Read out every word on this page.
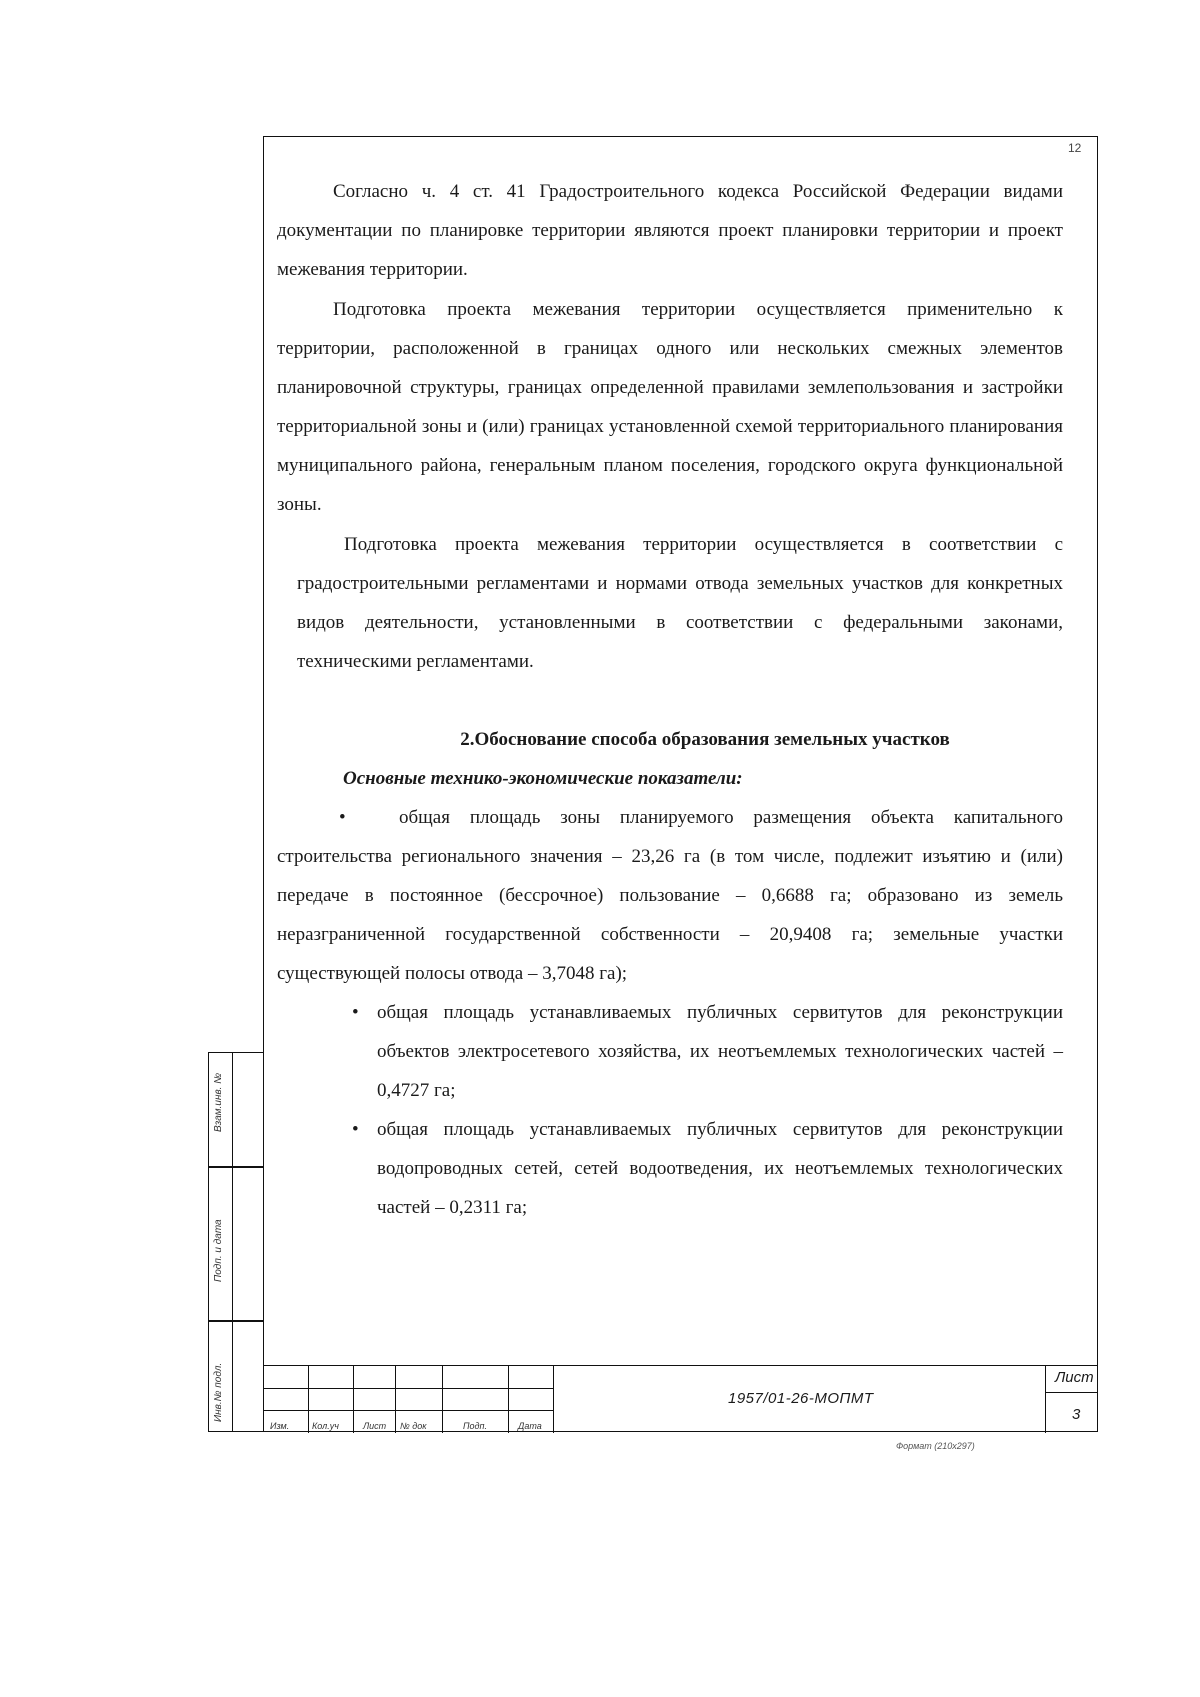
12

Согласно ч. 4 ст. 41 Градостроительного кодекса Российской Федерации видами документации по планировке территории являются проект планировки территории и проект межевания территории.

Подготовка проекта межевания территории осуществляется применительно к территории, расположенной в границах одного или нескольких смежных элементов планировочной структуры, границах определенной правилами землепользования и застройки территориальной зоны и (или) границах установленной схемой территориального планирования муниципального района, генеральным планом поселения, городского округа функциональной зоны.

Подготовка проекта межевания территории осуществляется в соответствии с градостроительными регламентами и нормами отвода земельных участков для конкретных видов деятельности, установленными в соответствии с федеральными законами, техническими регламентами.

2.Обоснование способа образования земельных участков

Основные технико-экономические показатели:

•	общая площадь зоны планируемого размещения объекта капитального строительства регионального значения – 23,26 га (в том числе, подлежит изъятию и (или) передаче в постоянное (бессрочное) пользование – 0,6688 га; образовано из земель неразграниченной государственной собственности – 20,9408 га; земельные участки существующей полосы отвода – 3,7048 га);

• общая площадь устанавливаемых публичных сервитутов для реконструкции объектов электросетевого хозяйства, их неотъемлемых технологических частей – 0,4727 га;

• общая площадь устанавливаемых публичных сервитутов для реконструкции водопроводных сетей, сетей водоотведения, их неотъемлемых технологических частей – 0,2311 га;

Взам.инв. №
Подп. и дата
Инв.№ подл.
Изм.	Кол.уч	Лист № док	Подп.	Дата
1957/01-26-МОПМТ
Лист
3
Формат (210х297)
